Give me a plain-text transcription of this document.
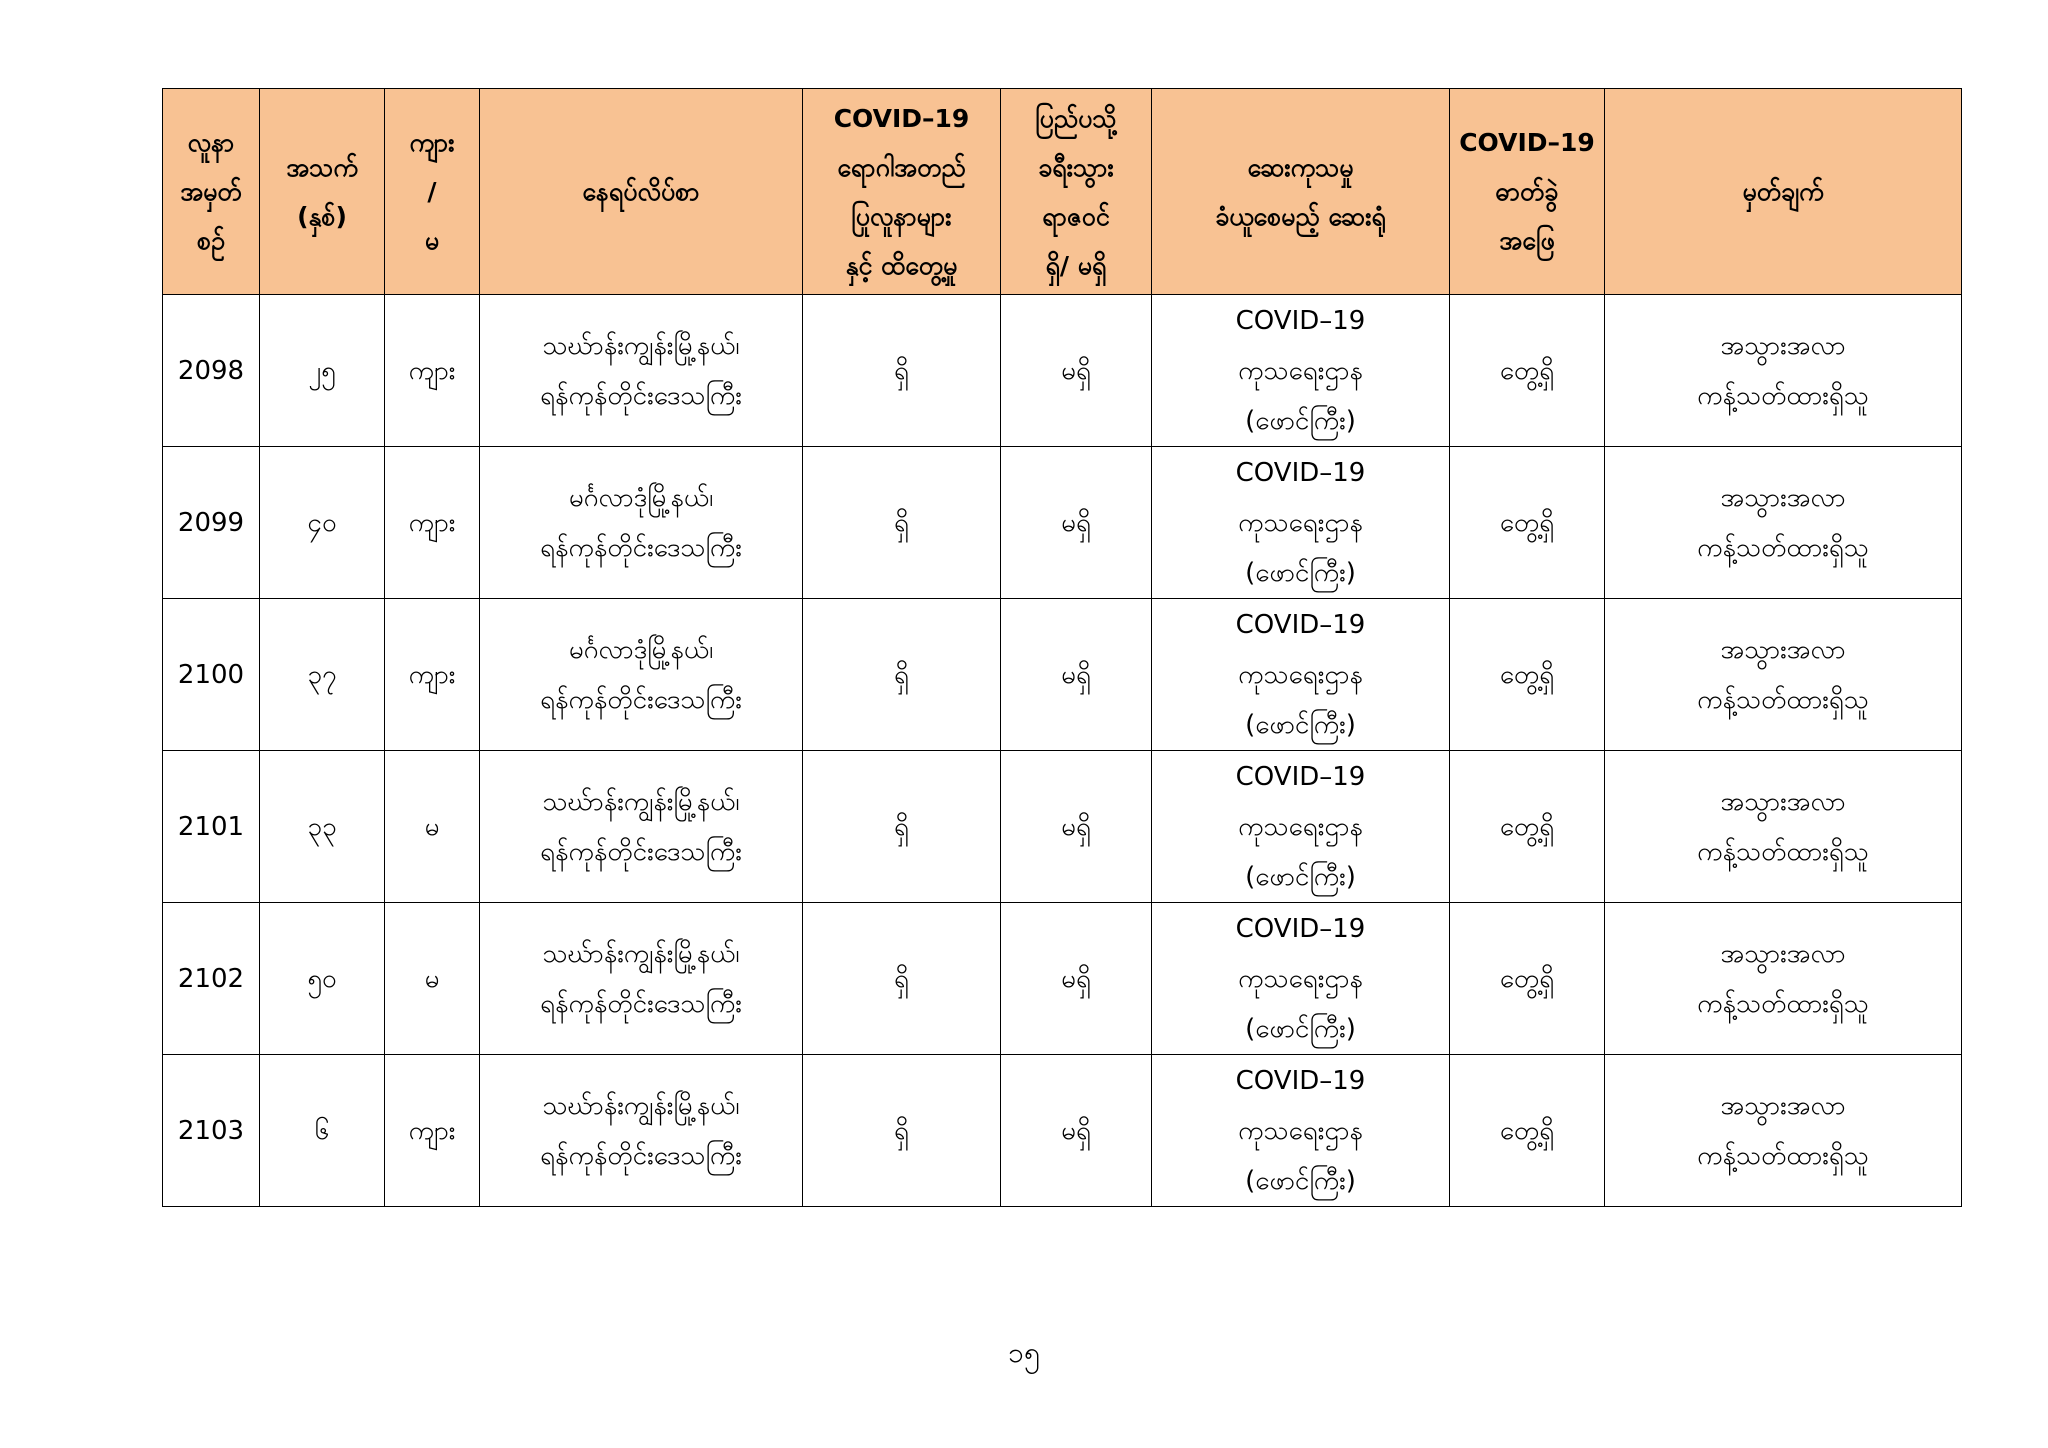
လူနာ
အမှတ်
စဉ်	အသက်
(နှစ်)	ကျား
/
မ	နေရပ်လိပ်စာ	COVID–19
ရောဂါအတည်
ပြုလူနာများ
နှင့် ထိတွေ့မှု	ပြည်ပသို့
ခရီးသွား
ရာဇဝင်
ရှိ/ မရှိ	ဆေးကုသမှု
ခံယူစေမည့် ဆေးရုံ	COVID–19
ဓာတ်ခွဲ
အဖြေ	မှတ်ချက်

2098	၂၅	ကျား	သဃ်ာန်းကျွန်းမြို့နယ်၊
ရန်ကုန်တိုင်းဒေသကြီး	ရှိ	မရှိ	COVID–19
ကုသရေးဌာန
(ဖောင်ကြီး)	တွေ့ရှိ	အသွားအလာ
ကန့်သတ်ထားရှိသူ

2099	၄၀	ကျား	မင်္ဂလာဒုံမြို့နယ်၊
ရန်ကုန်တိုင်းဒေသကြီး	ရှိ	မရှိ	COVID–19
ကုသရေးဌာန
(ဖောင်ကြီး)	တွေ့ရှိ	အသွားအလာ
ကန့်သတ်ထားရှိသူ

2100	၃၇	ကျား	မင်္ဂလာဒုံမြို့နယ်၊
ရန်ကုန်တိုင်းဒေသကြီး	ရှိ	မရှိ	COVID–19
ကုသရေးဌာန
(ဖောင်ကြီး)	တွေ့ရှိ	အသွားအလာ
ကန့်သတ်ထားရှိသူ

2101	၃၃	မ	သဃ်ာန်းကျွန်းမြို့နယ်၊
ရန်ကုန်တိုင်းဒေသကြီး	ရှိ	မရှိ	COVID–19
ကုသရေးဌာန
(ဖောင်ကြီး)	တွေ့ရှိ	အသွားအလာ
ကန့်သတ်ထားရှိသူ

2102	၅၀	မ	သဃ်ာန်းကျွန်းမြို့နယ်၊
ရန်ကုန်တိုင်းဒေသကြီး	ရှိ	မရှိ	COVID–19
ကုသရေးဌာန
(ဖောင်ကြီး)	တွေ့ရှိ	အသွားအလာ
ကန့်သတ်ထားရှိသူ

2103	၆	ကျား	သဃ်ာန်းကျွန်းမြို့နယ်၊
ရန်ကုန်တိုင်းဒေသကြီး	ရှိ	မရှိ	COVID–19
ကုသရေးဌာန
(ဖောင်ကြီး)	တွေ့ရှိ	အသွားအလာ
ကန့်သတ်ထားရှိသူ
၁၅
